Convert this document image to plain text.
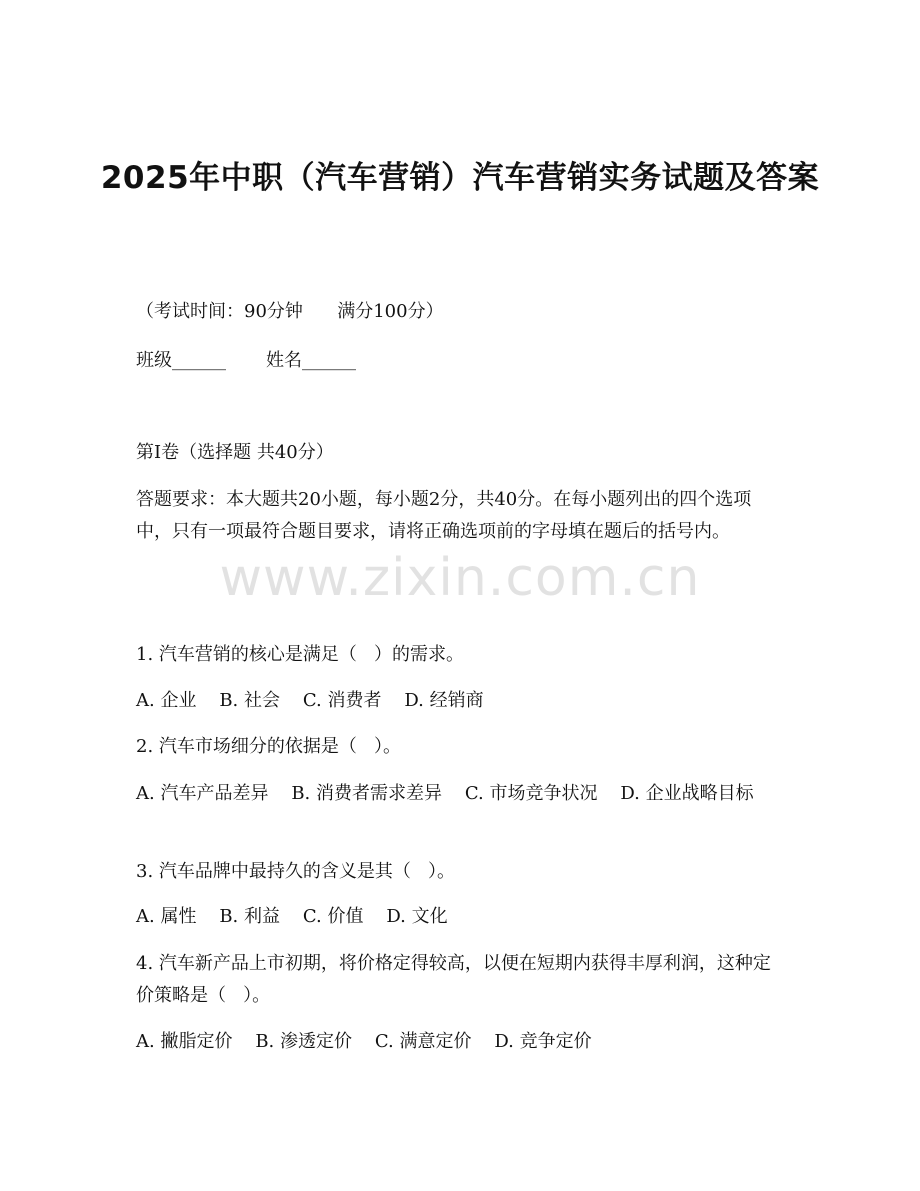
2025年中职（汽车营销）汽车营销实务试题及答案
（考试时间：90分钟      满分100分）
班级______       姓名______
第I卷（选择题 共40分）
答题要求：本大题共20小题，每小题2分，共40分。在每小题列出的四个选项中，只有一项最符合题目要求，请将正确选项前的字母填在题后的括号内。
www.zixin.com.cn
1. 汽车营销的核心是满足（   ）的需求。
A. 企业    B. 社会    C. 消费者    D. 经销商
2. 汽车市场细分的依据是（   ）。
A. 汽车产品差异    B. 消费者需求差异    C. 市场竞争状况    D. 企业战略目标
3. 汽车品牌中最持久的含义是其（   ）。
A. 属性    B. 利益    C. 价值    D. 文化
4. 汽车新产品上市初期，将价格定得较高，以便在短期内获得丰厚利润，这种定价策略是（   ）。
A. 撇脂定价    B. 渗透定价    C. 满意定价    D. 竞争定价
